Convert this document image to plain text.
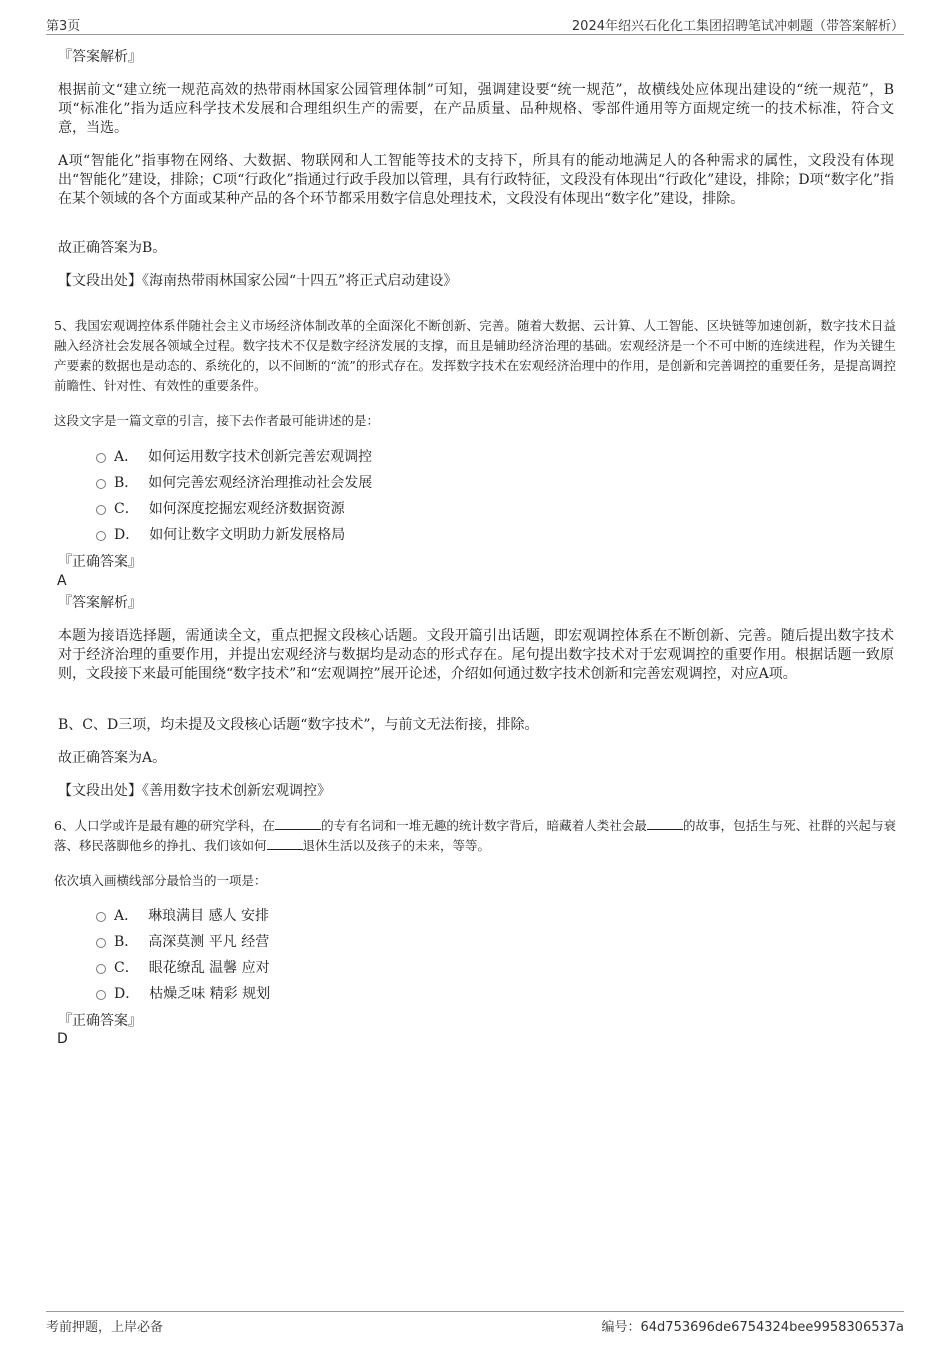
第3页	2024年绍兴石化化工集团招聘笔试冲刺题（带答案解析）
『答案解析』
根据前文“建立统一规范高效的热带雨林国家公园管理体制”可知，强调建设要“统一规范”，故横线处应体现出建设的“统一规范”，B项“标准化”指为适应科学技术发展和合理组织生产的需要，在产品质量、品种规格、零部件通用等方面规定统一的技术标准，符合文意，当选。
A项“智能化”指事物在网络、大数据、物联网和人工智能等技术的支持下，所具有的能动地满足人的各种需求的属性，文段没有体现出“智能化”建设，排除；C项“行政化”指通过行政手段加以管理，具有行政特征，文段没有体现出“行政化”建设，排除；D项“数字化”指在某个领域的各个方面或某种产品的各个环节都采用数字信息处理技术，文段没有体现出“数字化”建设，排除。
故正确答案为B。
【文段出处】《海南热带雨林国家公园“十四五”将正式启动建设》
5、我国宏观调控体系伴随社会主义市场经济体制改革的全面深化不断创新、完善。随着大数据、云计算、人工智能、区块链等加速创新，数字技术日益融入经济社会发展各领域全过程。数字技术不仅是数字经济发展的支撑，而且是辅助经济治理的基础。宏观经济是一个不可中断的连续进程，作为关键生产要素的数据也是动态的、系统化的，以不间断的“流”的形式存在。发挥数字技术在宏观经济治理中的作用，是创新和完善调控的重要任务，是提高调控前瞻性、针对性、有效性的重要条件。
这段文字是一篇文章的引言，接下去作者最可能讲述的是：
A． 如何运用数字技术创新完善宏观调控
B． 如何完善宏观经济治理推动社会发展
C． 如何深度挖掘宏观经济数据资源
D． 如何让数字文明助力新发展格局
『正确答案』
A
『答案解析』
本题为接语选择题，需通读全文，重点把握文段核心话题。文段开篇引出话题，即宏观调控体系在不断创新、完善。随后提出数字技术对于经济治理的重要作用，并提出宏观经济与数据均是动态的形式存在。尾句提出数字技术对于宏观调控的重要作用。根据话题一致原则，文段接下来最可能围绕“数字技术”和“宏观调控”展开论述，介绍如何通过数字技术创新和完善宏观调控，对应A项。
B、C、D三项，均未提及文段核心话题“数字技术”，与前文无法衔接，排除。
故正确答案为A。
【文段出处】《善用数字技术创新宏观调控》
6、人口学或许是最有趣的研究学科，在	的专有名词和一堆无趣的统计数字背后，暗藏着人类社会最	的故事，包括生与死、社群的兴起与衰落、移民落脚他乡的挣扎、我们该如何	退休生活以及孩子的未来，等等。
依次填入画横线部分最恰当的一项是：
A． 琳琅满目 感人 安排
B． 高深莫测 平凡 经营
C． 眼花缭乱 温馨 应对
D． 枯燥乏味 精彩 规划
『正确答案』
D
考前押题，上岸必备	编号：64d753696de6754324bee9958306537a
